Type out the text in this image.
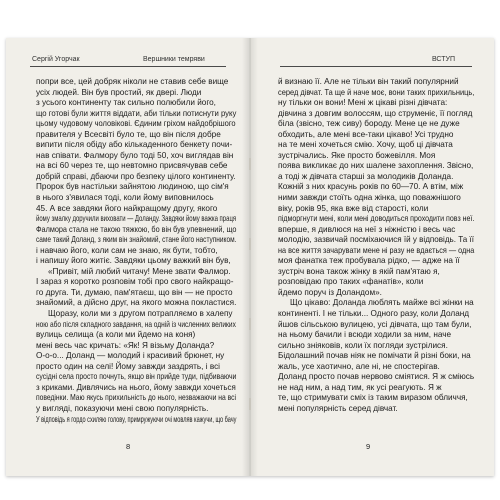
Сергій Угорчак	Вершники темряви
попри все, цей добряк ніколи не ставив себе вище
усіх людей. Він був простий, як двері. Люди
з усього континенту так сильно полюбили його,
що готові були життя віддати, аби тільки потиснути руку
цьому чудовому чоловікові. Єдиним гріхом найдобрішого
правителя у Всесвіті було те, що він після добре
випити після обіду або кількаденного бенкету почи-
нав співати. Фалмору було тоді 50, хоч виглядав він
на всі 60 через те, що невтомно присвячував себе
добрій справі, дбаючи про безпеку цілого континенту.
Пророк був настільки зайнятою людиною, що сім'я
в нього з'явилася тоді, коли йому виповнилось
45. А все завдяки його найкращому другу, якого
йому змалку доручили виховати — Доланду. Завдяки йому важка праця
Фалмора стала не такою тяжкою, бо він був упевнений, що
саме такий Доланд, з яким він знайомий, стане його наступником.
і навчаю його, коли сам не знаю, як бути, тобто,
і напишу його житіє. Завдяки цьому важкий він був,
«Привіт, мій любий читачу! Мене звати Фалмор.
І зараз я коротко розповім тобі про свого найкращо-
го друга. Ти, думаю, пам'ятаєш, що він — не просто
знайомий, а дійсно друг, на якого можна покластися.
Щоразу, коли ми з другом потрапляємо в халепу
ною або після складного завдання, на одній із численних великих
вулиць селища (а коли ми йдемо на коня)
мені весь час кричать: «Як! Я візьму Доланда?
О-о-о... Доланд — молодий і красивий брюнет, ну
просто один на селі! Йому завжди заздрять, і всі
сусідні села просто почнуть, якщо він прийде туди, підбиваючи
з криками. Дивлячись на нього, йому завжди хочеться
поведінки. Маю якусь прихильність до нього, незважаючи на всі
у вигляді, показуючи мені свою популярність.
У відповідь я гордо схиляю голову, примружуючи очі мовляв кажучи, що бачу
8
ВСТУП
й визнаю її. Але не тільки він такий популярний
серед дівчат. Та ще й наче моє, вони таких прихильниць,
ну тільки он вони! Мені ж цікаві різні дівчата:
дівчина з довгим волоссям, що струменіє, її погляд
біла (звісно, теж сиву) бороду. Мене це не дуже
обходить, але мені все-таки цікаво! Усі трудно
на те мені хочеться смію. Хочу, щоб ці дівчата
зустрічались. Яке просто божевілля. Моя
поява викликає до них шалене захоплення. Звісно,
а тоді ж дівчата старші за молодиків Доланда.
Кожній з них красунь років по 60—70. А втім, між
ними завжди стоїть одна жінка, що поважнішого
віку, років 95, яка вже від старості, коли
підморгнути мені, коли мені доводиться проходити повз неї.
вперше, я дивлюся на неї з ніжністю і весь час
молодію, зазвичай посміхаючися їй у відповідь. Та її
на все життя зачарувати мене ні разу не вдається — одна
моя фанатка теж пробувала рідко, — адже на її
зустріч вона також жінку в якій пам'ятаю я,
розповідаю про таких «фанатів», коли
йдемо поруч із Доландом».
Що цікаво: Доланда люблять майже всі жінки на
континенті. І не тільки... Одного разу, коли Доланд
йшов сільською вулицею, усі дівчата, що там були,
на ньому бачили і всюди ходили за ним, наче
сильно зніяковів, коли їх погляди зустрілися.
Бідолашний почав ніяк не помічати й різні боки, на
жаль, усе хаотично, але ні, не спостерігав.
Доланд просто почав нервово сміятися. Я ж сміюсь
не над ним, а над тим, як усі реагують. Я ж
те, що стримувати сміх із таким виразом обличчя,
мені популярність серед дівчат.
9
